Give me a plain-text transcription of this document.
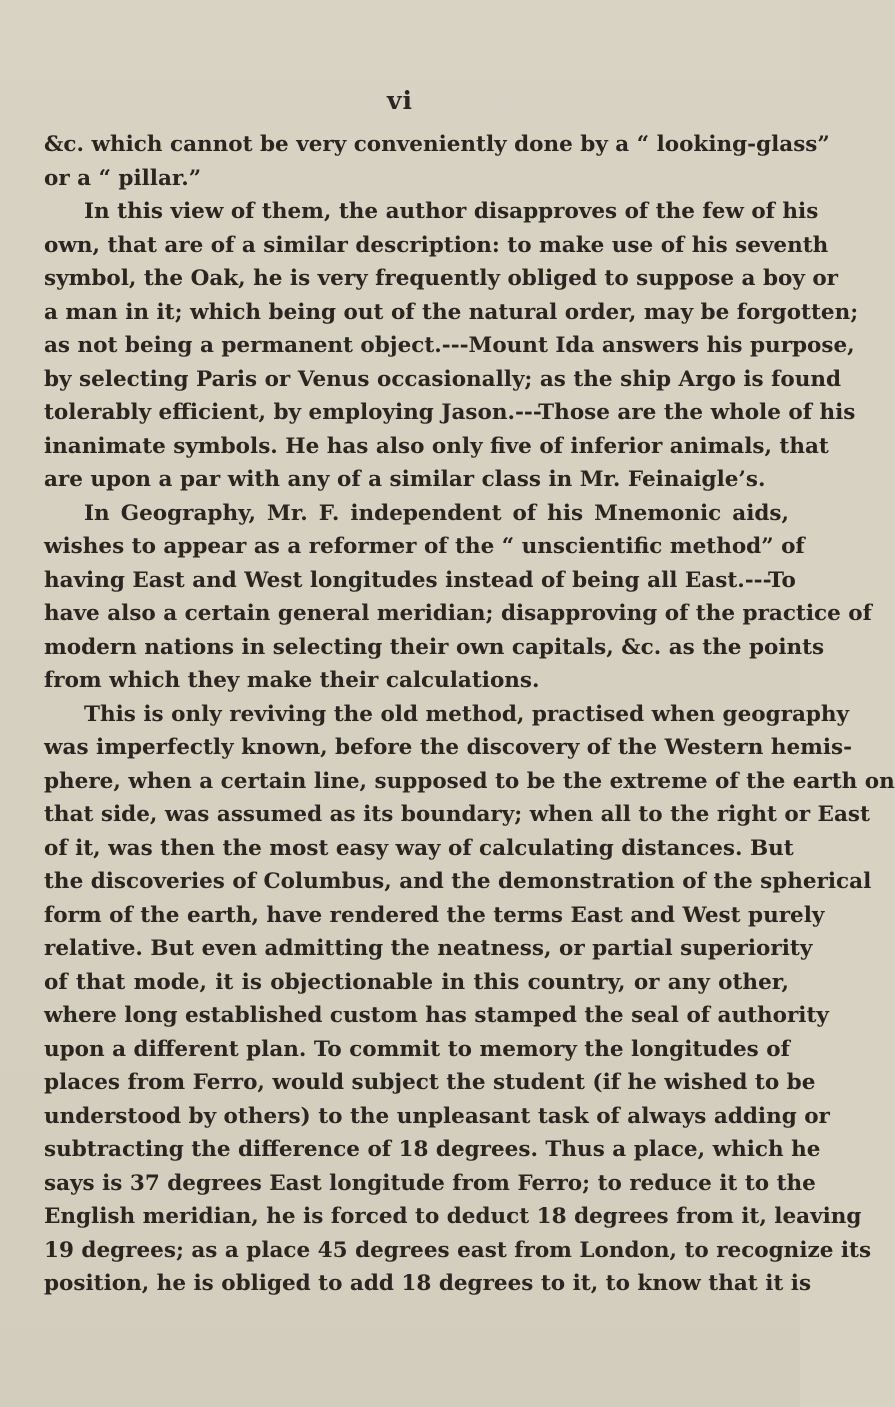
vi
&c. which cannot be very conveniently done by a “ looking-glass”
or a “ pillar.”
In this view of them, the author disapproves of the few of his
own, that are of a similar description: to make use of his seventh
symbol, the Oak, he is very frequently obliged to suppose a boy or
a man in it; which being out of the natural order, may be forgotten;
as not being a permanent object.---Mount Ida answers his purpose,
by selecting Paris or Venus occasionally; as the ship Argo is found
tolerably efficient, by employing Jason.---Those are the whole of his
inanimate symbols. He has also only five of inferior animals, that
are upon a par with any of a similar class in Mr. Feinaigle’s.
In Geography, Mr. F. independent of his Mnemonic aids,
wishes to appear as a reformer of the “ unscientific method” of
having East and West longitudes instead of being all East.---To
have also a certain general meridian; disapproving of the practice of
modern nations in selecting their own capitals, &c. as the points
from which they make their calculations.
This is only reviving the old method, practised when geography
was imperfectly known, before the discovery of the Western hemis-
phere, when a certain line, supposed to be the extreme of the earth on
that side, was assumed as its boundary; when all to the right or East
of it, was then the most easy way of calculating distances. But
the discoveries of Columbus, and the demonstration of the spherical
form of the earth, have rendered the terms East and West purely
relative. But even admitting the neatness, or partial superiority
of that mode, it is objectionable in this country, or any other,
where long established custom has stamped the seal of authority
upon a different plan. To commit to memory the longitudes of
places from Ferro, would subject the student (if he wished to be
understood by others) to the unpleasant task of always adding or
subtracting the difference of 18 degrees. Thus a place, which he
says is 37 degrees East longitude from Ferro; to reduce it to the
English meridian, he is forced to deduct 18 degrees from it, leaving
19 degrees; as a place 45 degrees east from London, to recognize its
position, he is obliged to add 18 degrees to it, to know that it is
